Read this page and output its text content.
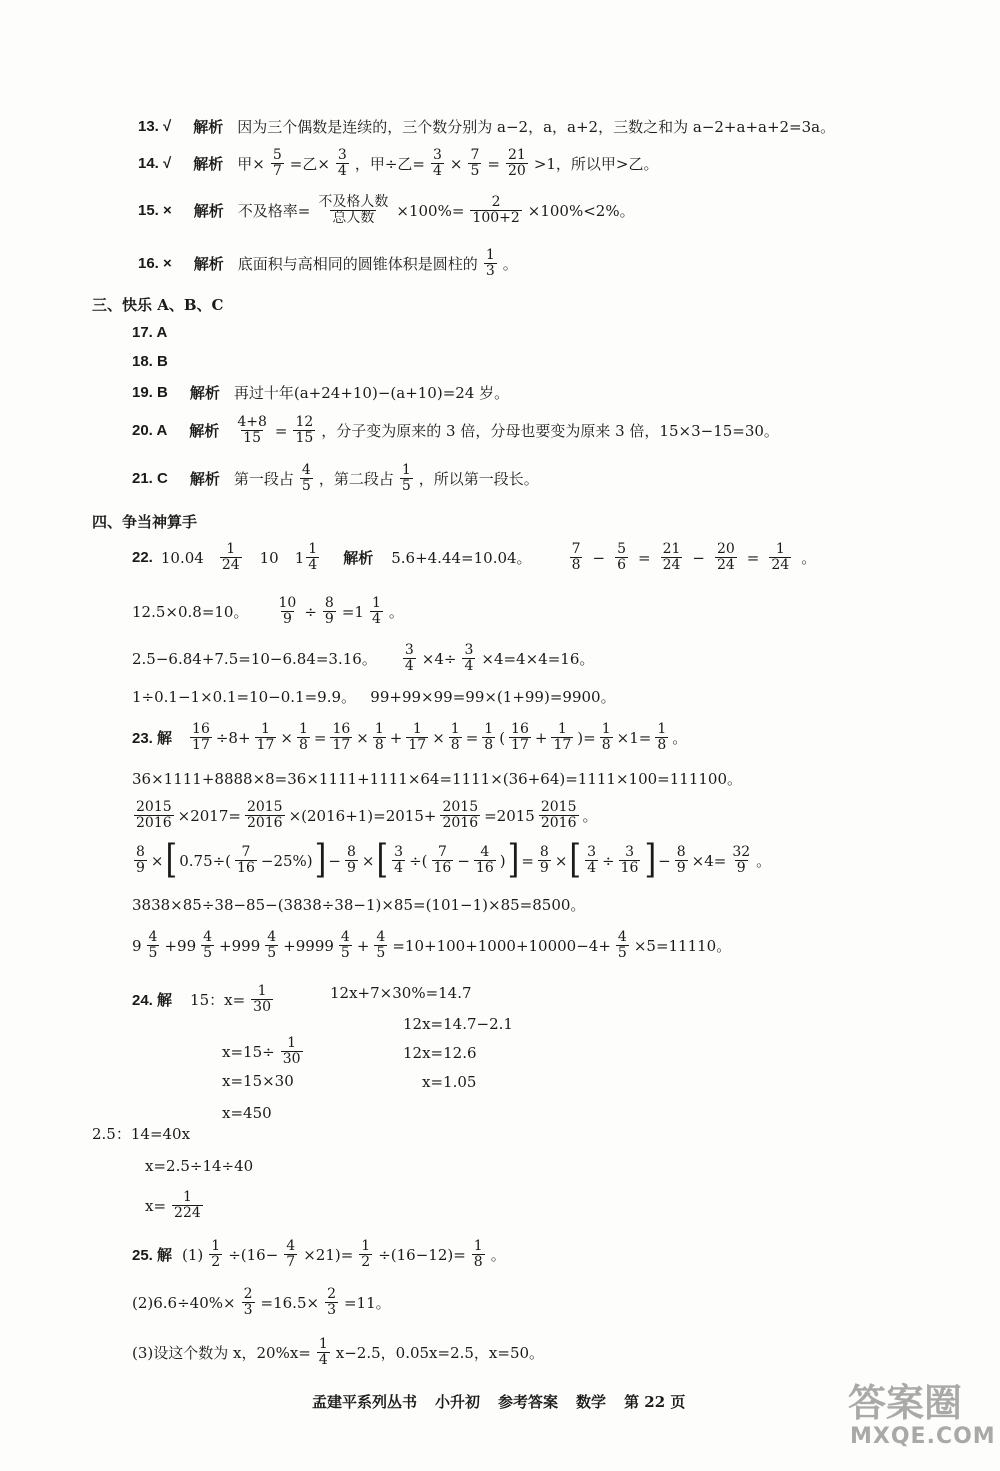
13. √ 解析 因为三个偶数是连续的，三个数分别为 a−2，a，a+2，三数之和为 a−2+a+a+2=3a。
14. √ 解析 甲× $\frac{5}{7}$ =乙× $\frac{3}{4}$ ，甲÷乙= $\frac{3}{4} \times \frac{7}{5} = \frac{21}{20} >1$，所以甲>乙。
15. × 解析 不及格率= $\frac{\text{不及格人数}}{\text{总人数}} \times 100\%= \frac{2}{100+2} \times 100\%<2\%$。
16. × 解析 底面积与高相同的圆锥体积是圆柱的 $\frac{1}{3}$ 。
三、快乐 A、B、C
17. A
18. B
19. B 解析 再过十年(a+24+10)−(a+10)=24 岁。
20. A 解析 $\frac{4+8}{15} = \frac{12}{15}$ ，分子变为原来的 3 倍，分母也要变为原来 3 倍，15×3−15=30。
21. C 解析 第一段占 $\frac{4}{5}$ ，第二段占 $\frac{1}{5}$ ，所以第一段长。
四、争当神算手
22. $10.04 \frac{1}{24} 10$ $1 \frac{1}{4}$ 解析 5.6+4.44=10.04。	$\frac{7}{8} - \frac{5}{6} = \frac{21}{24} - \frac{20}{24} = \frac{1}{24}$ 。
12.5×0.8=10。 $\frac{10}{9} \div \frac{8}{9} =1 \frac{1}{4}$ 。
2.5−6.84+7.5=10−6.84=3.16。 $\frac{3}{4} \times 4\div \frac{3}{4} \times 4=4\times 4=16$。
1÷0.1−1×0.1=10−0.1=9.9。   99+99×99=99×(1+99)=9900。
23. 解 $\frac{16}{17} \div 8+ \frac{1}{17} \times \frac{1}{8} = \frac{16}{17} \times \frac{1}{8} + \frac{1}{17} \times \frac{1}{8} = \frac{1}{8}$ ( $\frac{16}{17} + \frac{1}{17}$ )= $\frac{1}{8} \times 1= \frac{1}{8}$ 。
36×1111+8888×8=36×1111+1111×64=1111×(36+64)=1111×100=111100。
$\frac{2015}{2016} \times 2017= \frac{2015}{2016} \times(2016+1)=2015+ \frac{2015}{2016} =2015 \frac{2015}{2016}$ 。
$\frac{8}{9}$ × [ $0.75\div( \frac{7}{16} -25\%)$ ] − $\frac{8}{9}$ × [ $\frac{3}{4}$ ÷( $\frac{7}{16} - \frac{4}{16}$ ) ] = $\frac{8}{9}$ × [ $\frac{3}{4} \div \frac{3}{16}$ ] − $\frac{8}{9} \times 4= \frac{32}{9}$ 。
3838×85÷38−85−(3838÷38−1)×85=(101−1)×85=8500。
$9 \frac{4}{5} +99 \frac{4}{5} +999 \frac{4}{5} +9999 \frac{4}{5} + \frac{4}{5} =10+100+1000+10000-4+ \frac{4}{5} \times 5=11110$。
24. 解 15：$x= \frac{1}{30}$	12x+7×30%=14.7
12x=14.7−2.1
$x=15\div \frac{1}{30}$	12x=12.6
x=15×30	x=1.05
x=450
2.5：14=40x
x=2.5÷14÷40
$x= \frac{1}{224}$
25. 解 $(1) \frac{1}{2} \div(16- \frac{4}{7} \times 21)= \frac{1}{2} \div(16-12)= \frac{1}{8}$ 。
$(2)6.6\div 40\%\times \frac{2}{3} =16.5\times \frac{2}{3} =11$。
(3)设这个数为 x，$20\%x= \frac{1}{4} x-2.5$，0.05x=2.5，x=50。
孟建平系列丛书 小升初 参考答案 数学 第 22 页	答案圈
MXQE.COM
